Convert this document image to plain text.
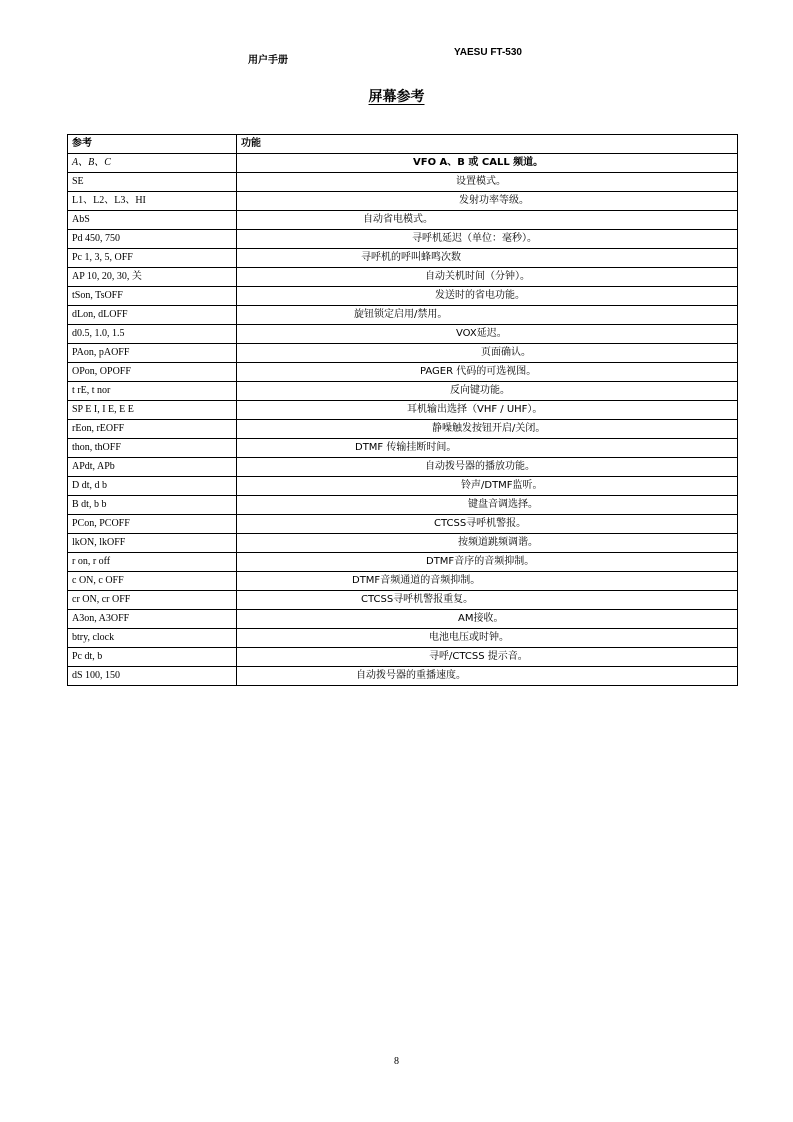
用户手册
YAESU FT-530
屏幕参考
参考	功能
A、B、C	VFO A、B 或 CALL 频道。

SE	设置模式。

L1、L2、L3、HI	发射功率等级。

AbS	自动省电模式。

Pd 450, 750	寻呼机延迟（单位：毫秒）。

Pc 1, 3, 5, OFF	寻呼机的呼叫蜂鸣次数

AP 10, 20, 30, 关	自动关机时间（分钟）。

tSon, TsOFF	发送时的省电功能。

dLon, dLOFF	旋钮锁定启用/禁用。

d0.5, 1.0, 1.5	VOX延迟。

PAon, pAOFF	页面确认。

OPon, OPOFF	PAGER 代码的可选视图。

t rE, t nor	反向键功能。

SP E I, I E, E E	耳机输出选择（VHF / UHF）。

rEon, rEOFF	静噪触发按钮开启/关闭。

thon, thOFF	DTMF 传输挂断时间。

APdt, APb	自动拨号器的播放功能。

D dt, d b	铃声/DTMF监听。

B dt, b b	键盘音调选择。

PCon, PCOFF	CTCSS寻呼机警报。

lkON, lkOFF	按频道跳频调谐。

r on, r off	DTMF音序的音频抑制。

c ON, c OFF	DTMF音频通道的音频抑制。

cr ON, cr OFF	CTCSS寻呼机警报重复。

A3on, A3OFF	AM接收。

btry, clock	电池电压或时钟。

Pc dt, b	寻呼/CTCSS 提示音。

dS 100, 150	自动拨号器的重播速度。
8
